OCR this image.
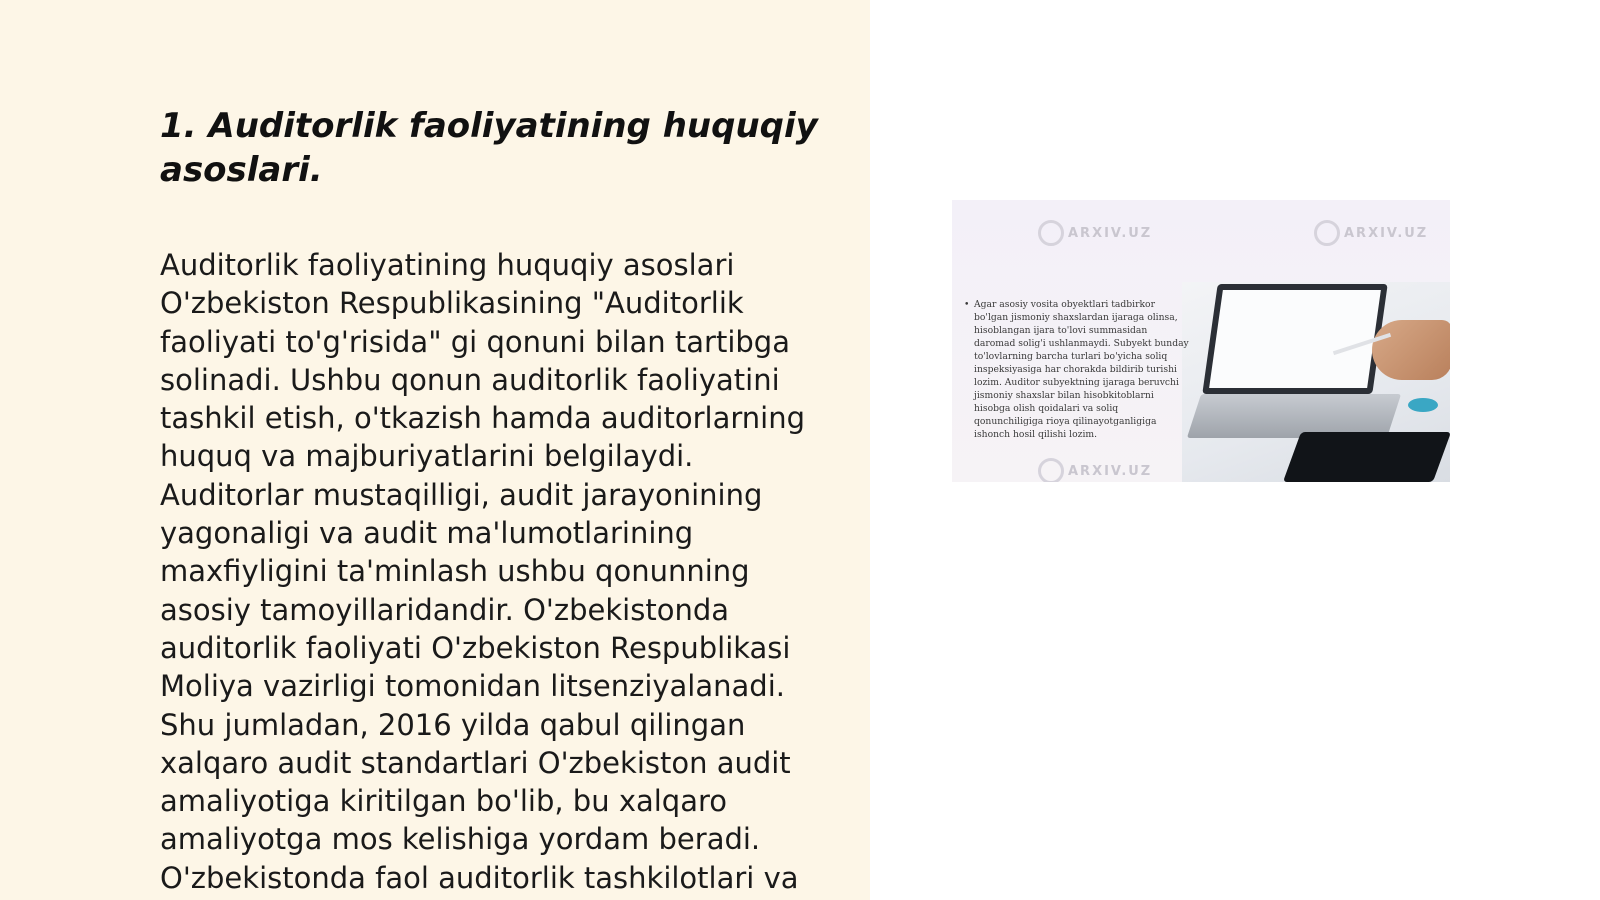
1. Auditorlik faoliyatining huquqiy asoslari.

Auditorlik faoliyatining huquqiy asoslari O'zbekiston Respublikasining "Auditorlik faoliyati to'g'risida" gi qonuni bilan tartibga solinadi. Ushbu qonun auditorlik faoliyatini tashkil etish, o'tkazish hamda auditorlarning huquq va majburiyatlarini belgilaydi. Auditorlar mustaqilligi, audit jarayonining yagonaligi va audit ma'lumotlarining maxfiyligini ta'minlash ushbu qonunning asosiy tamoyillaridandir. O'zbekistonda auditorlik faoliyati O'zbekiston Respublikasi Moliya vazirligi tomonidan litsenziyalanadi. Shu jumladan, 2016 yilda qabul qilingan xalqaro audit standartlari O'zbekiston audit amaliyotiga kiritilgan bo'lib, bu xalqaro amaliyotga mos kelishiga yordam beradi. O'zbekistonda faol auditorlik tashkilotlari va

ARXIV.UZ	ARXIV.UZ
ARXIV.UZ
• Agar asosiy vosita obyektlari tadbirkor bo'lgan jismoniy shaxslardan ijaraga olinsa, hisoblangan ijara to'lovi summasidan daromad solig'i ushlanmaydi. Subyekt bunday to'lovlarning barcha turlari bo'yicha soliq inspeksiyasiga har chorakda bildirib turishi lozim. Auditor subyektning ijaraga beruvchi jismoniy shaxslar bilan hisobkitoblarni hisobga olish qoidalari va soliq qonunchiligiga rioya qilinayotganligiga ishonch hosil qilishi lozim.
